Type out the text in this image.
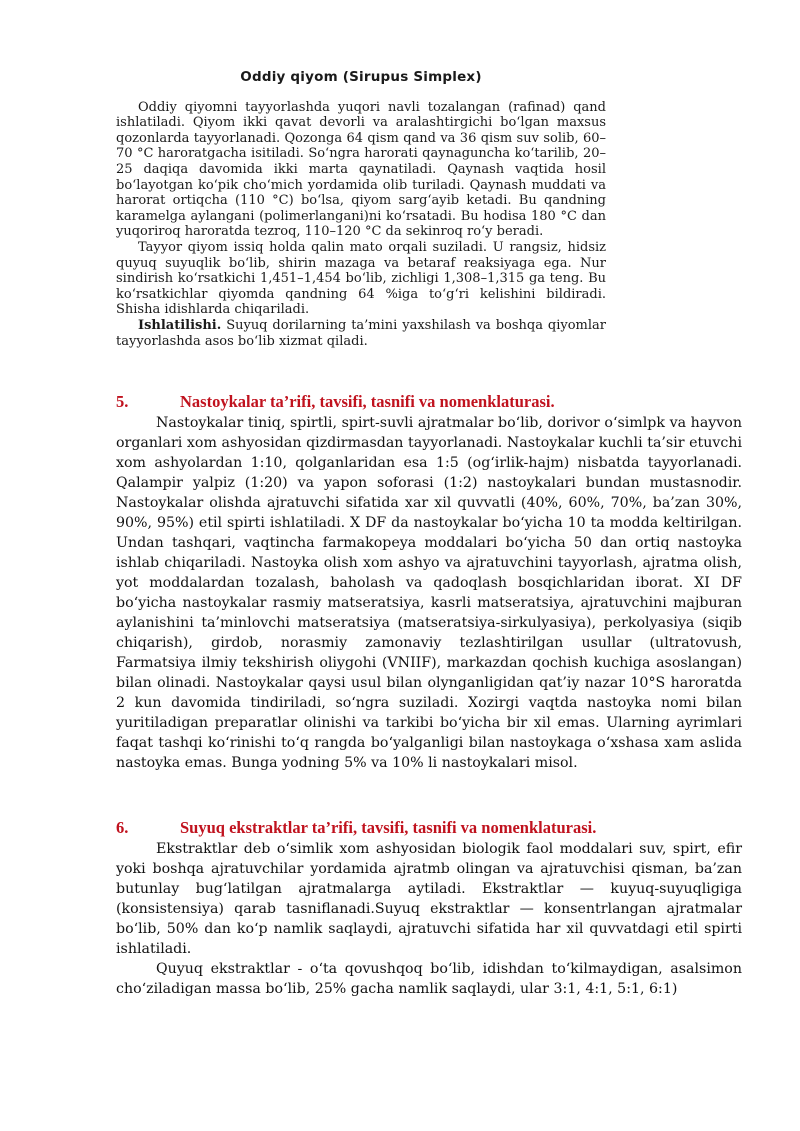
Oddiy qiyom (Sirupus Simplex)

Oddiy qiyomni tayyorlashda yuqori navli tozalangan (rafinad) qand ishlatiladi. Qiyom ikki qavat devorli va aralashtirgichi bo‘lgan maxsus qozonlarda tayyorlanadi. Qozonga 64 qism qand va 36 qism suv solib, 60–70 °C haroratgacha isitiladi. So‘ngra harorati qaynaguncha ko‘tarilib, 20–25 daqiqa davomida ikki marta qaynatiladi. Qaynash vaqtida hosil bo‘layotgan ko‘pik cho‘mich yordamida olib turiladi. Qaynash muddati va harorat ortiqcha (110 °C) bo‘lsa, qiyom sarg‘ayib ketadi. Bu qandning karamelga aylangani (polimerlangani)ni ko‘rsatadi. Bu hodisa 180 °C dan yuqoriroq haroratda tezroq, 110–120 °C da sekinroq ro‘y beradi.

Tayyor qiyom issiq holda qalin mato orqali suziladi. U rangsiz, hidsiz quyuq suyuqlik bo‘lib, shirin mazaga va betaraf reaksiyaga ega. Nur sindirish ko‘rsatkichi 1,451–1,454 bo‘lib, zichligi 1,308–1,315 ga teng. Bu ko‘rsatkichlar qiyomda qandning 64 %iga to‘g‘ri kelishini bildiradi. Shisha idishlarda chiqariladi.

Ishlatilishi. Suyuq dorilarning ta’mini yaxshilash va boshqa qiyomlar tayyorlashda asos bo‘lib xizmat qiladi.

5.	Nastoykalar ta’rifi, tavsifi, tasnifi va nomenklaturasi.

Nastoykalar tiniq, spirtli, spirt-suvli ajratmalar bo‘lib, dorivor o‘simlpk va hayvon organlari xom ashyosidan qizdirmasdan tayyorlanadi. Nastoykalar kuchli ta’sir etuvchi xom ashyolardan 1:10, qolganlaridan esa 1:5 (og‘irlik-hajm) nisbatda tayyorlanadi. Qalampir yalpiz (1:20) va yapon soforasi (1:2) nastoykalari bundan mustasnodir. Nastoykalar olishda ajratuvchi sifatida xar xil quvvatli (40%, 60%, 70%, ba’zan 30%, 90%, 95%) etil spirti ishlatiladi. X DF da nastoykalar bo‘yicha 10 ta modda keltirilgan. Undan tashqari, vaqtincha farmakopeya moddalari bo‘yicha 50 dan ortiq nastoyka ishlab chiqariladi. Nastoyka olish xom ashyo va ajratuvchini tayyorlash, ajratma olish, yot moddalardan tozalash, baholash va qadoqlash bosqichlaridan iborat. XI DF bo‘yicha nastoykalar rasmiy matseratsiya, kasrli matseratsiya, ajratuvchini majburan aylanishini ta’minlovchi matseratsiya (matseratsiya-sirkulyasiya), perkolyasiya (siqib chiqarish), girdob, norasmiy zamonaviy tezlashtirilgan usullar (ultratovush, Farmatsiya ilmiy tekshirish oliygohi (VNIIF), markazdan qochish kuchiga asoslangan) bilan olinadi. Nastoykalar qaysi usul bilan olynganligidan qat’iy nazar 10°S haroratda 2 kun davomida tindiriladi, so‘ngra suziladi. Xozirgi vaqtda nastoyka nomi bilan yuritiladigan preparatlar olinishi va tarkibi bo‘yicha bir xil emas. Ularning ayrimlari faqat tashqi ko‘rinishi to‘q rangda bo‘yalganligi bilan nastoykaga o‘xshasa xam aslida nastoyka emas. Bunga yodning 5% va 10% li nastoykalari misol.

6.	Suyuq ekstraktlar ta’rifi, tavsifi, tasnifi va nomenklaturasi.

Ekstraktlar deb o‘simlik xom ashyosidan biologik faol moddalari suv, spirt, efir yoki boshqa ajratuvchilar yordamida ajratmb olingan va ajratuvchisi qisman, ba’zan butunlay bug‘latilgan ajratmalarga aytiladi. Ekstraktlar — kuyuq-suyuqligiga (konsistensiya) qarab tasniflanadi.Suyuq ekstraktlar — konsentrlangan ajratmalar bo‘lib, 50% dan ko‘p namlik saqlaydi, ajratuvchi sifatida har xil quvvatdagi etil spirti ishlatiladi.

Quyuq ekstraktlar - o‘ta qovushqoq bo‘lib, idishdan to‘kilmaydigan, asalsimon cho‘ziladigan massa bo‘lib, 25% gacha namlik saqlaydi, ular 3:1, 4:1, 5:1, 6:1)
